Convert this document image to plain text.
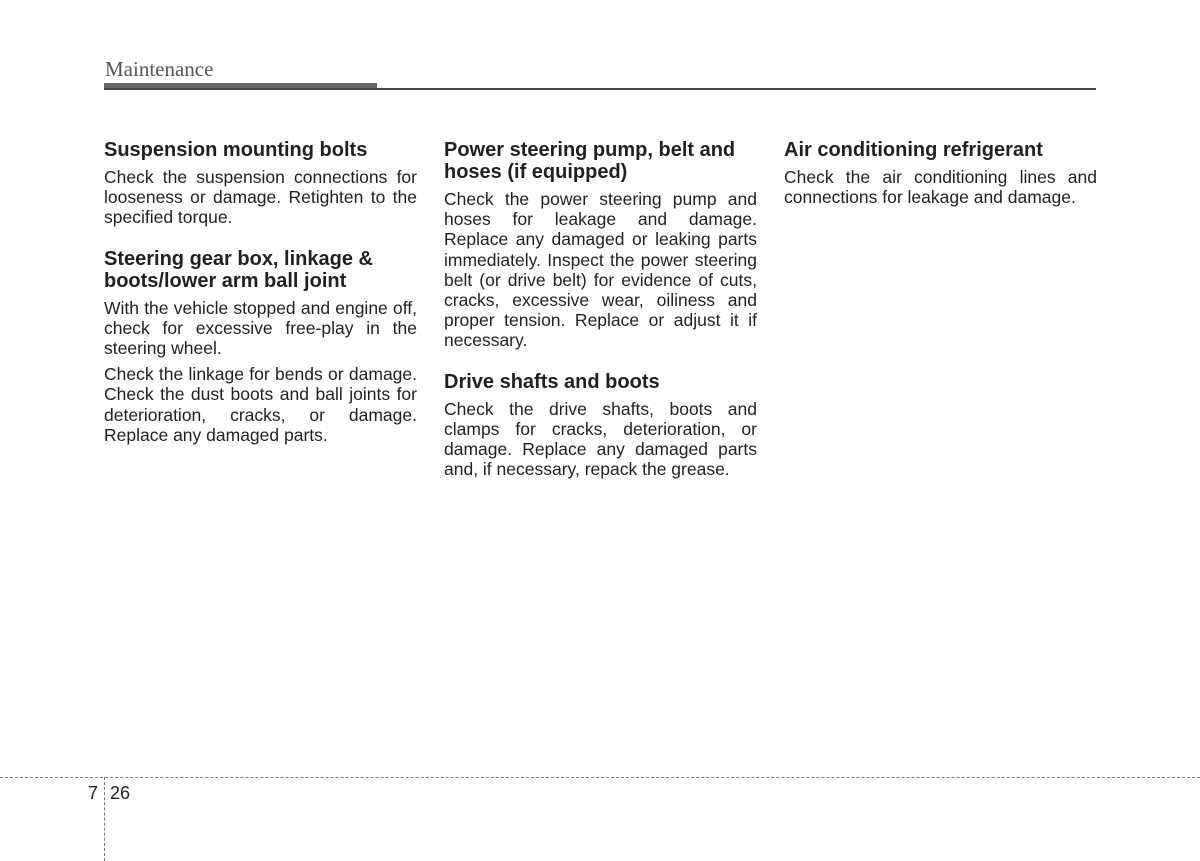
Maintenance
Suspension mounting bolts

Check the suspension connections for looseness or damage. Retighten to the specified torque.

Steering gear box, linkage & boots/lower arm ball joint

With the vehicle stopped and engine off, check for excessive free-play in the steering wheel.

Check the linkage for bends or damage. Check the dust boots and ball joints for deterioration, cracks, or damage. Replace any damaged parts.

Power steering pump, belt and hoses (if equipped)

Check the power steering pump and hoses for leakage and damage. Replace any damaged or leaking parts immediately. Inspect the power steering belt (or drive belt) for evidence of cuts, cracks, excessive wear, oiliness and proper tension. Replace or adjust it if necessary.

Drive shafts and boots

Check the drive shafts, boots and clamps for cracks, deterioration, or damage. Replace any damaged parts and, if necessary, repack the grease.

Air conditioning refrigerant

Check the air conditioning lines and connections for leakage and damage.

7 26
